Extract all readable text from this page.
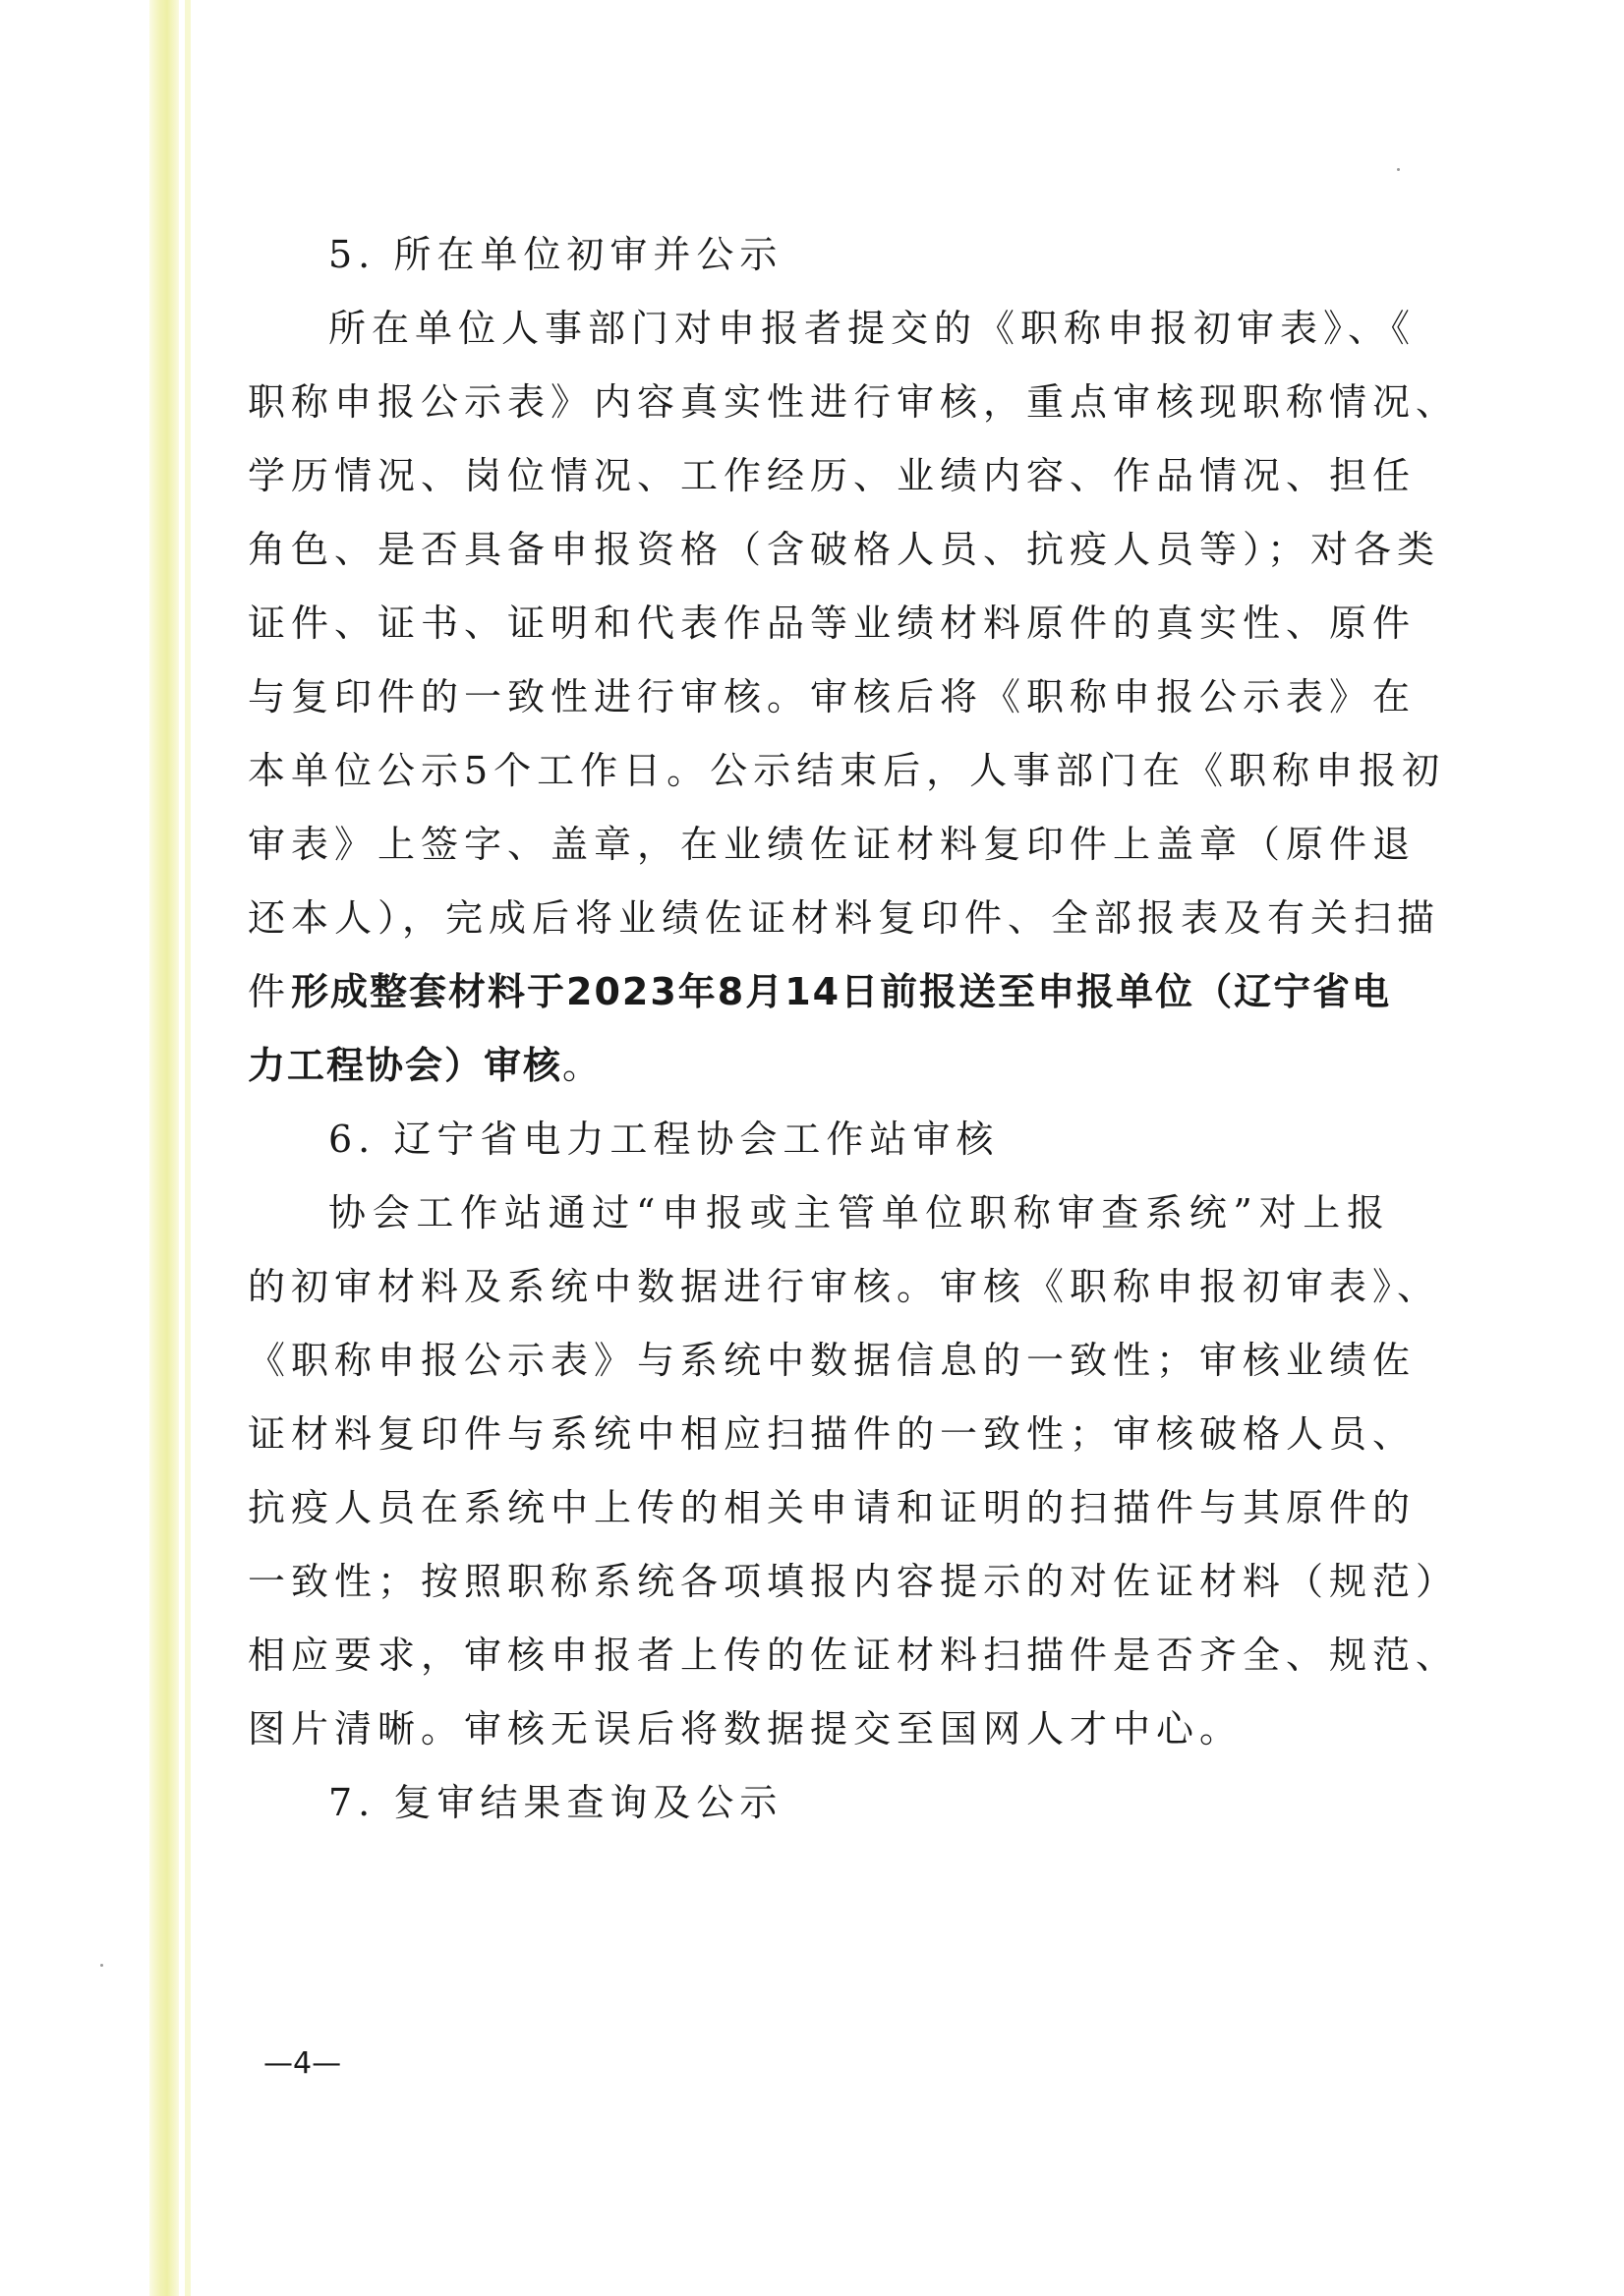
5. 所在单位初审并公示
所在单位人事部门对申报者提交的《职称申报初审表》、《
职称申报公示表》内容真实性进行审核，重点审核现职称情况、
学历情况、岗位情况、工作经历、业绩内容、作品情况、担任
角色、是否具备申报资格（含破格人员、抗疫人员等）；对各类
证件、证书、证明和代表作品等业绩材料原件的真实性、原件
与复印件的一致性进行审核。审核后将《职称申报公示表》在
本单位公示5个工作日。公示结束后，人事部门在《职称申报初
审表》上签字、盖章，在业绩佐证材料复印件上盖章（原件退
还本人），完成后将业绩佐证材料复印件、全部报表及有关扫描
件形成整套材料于2023年8月14日前报送至申报单位（辽宁省电
力工程协会）审核。
6. 辽宁省电力工程协会工作站审核
协会工作站通过“申报或主管单位职称审查系统”对上报
的初审材料及系统中数据进行审核。审核《职称申报初审表》、
《职称申报公示表》与系统中数据信息的一致性；审核业绩佐
证材料复印件与系统中相应扫描件的一致性；审核破格人员、
抗疫人员在系统中上传的相关申请和证明的扫描件与其原件的
一致性；按照职称系统各项填报内容提示的对佐证材料（规范）
相应要求，审核申报者上传的佐证材料扫描件是否齐全、规范、
图片清晰。审核无误后将数据提交至国网人才中心。
7. 复审结果查询及公示
—4—
